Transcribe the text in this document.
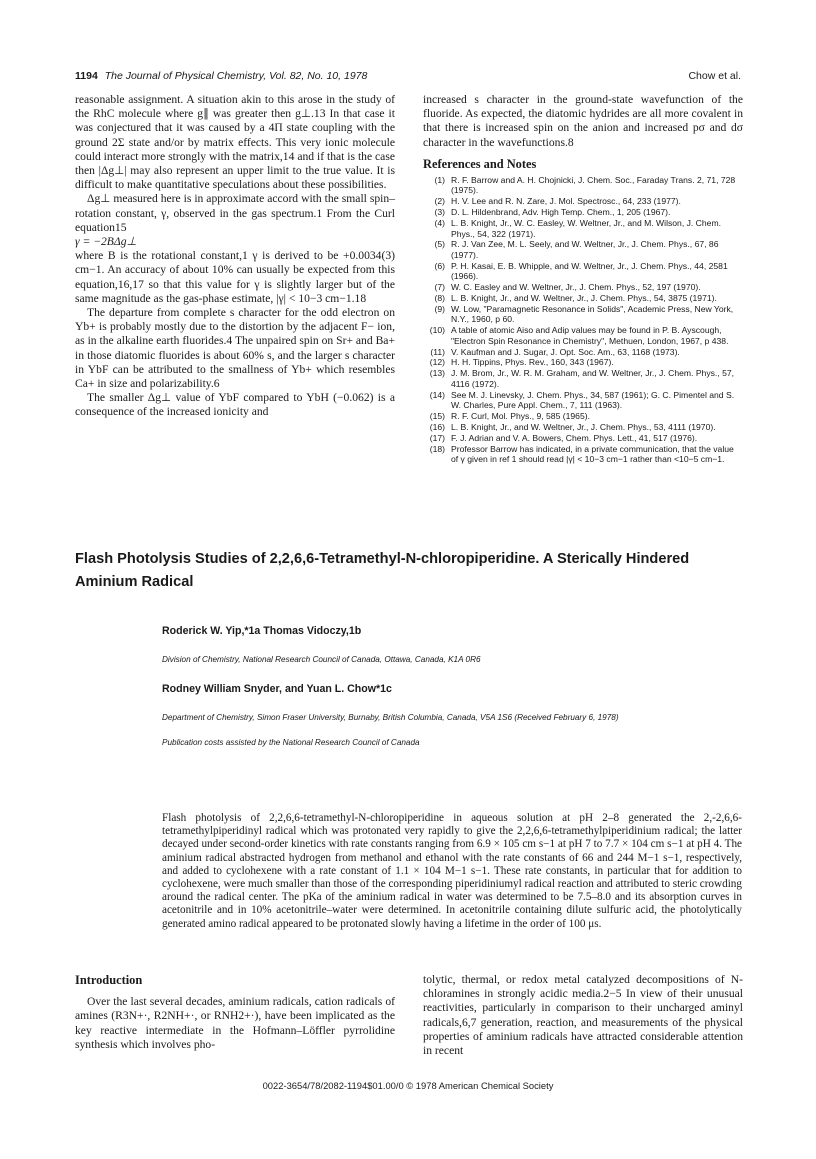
1194 The Journal of Physical Chemistry, Vol. 82, No. 10, 1978	Chow et al.

reasonable assignment. A situation akin to this arose in the study of the RhC molecule where g∥ was greater then g⊥.13 In that case it was conjectured that it was caused by a 4Π state coupling with the ground 2Σ state and/or by matrix effects. This very ionic molecule could interact more strongly with the matrix,14 and if that is the case then |Δg⊥| may also represent an upper limit to the true value. It is difficult to make quantitative speculations about these possibilities.

Δg⊥ measured here is in approximate accord with the small spin–rotation constant, γ, observed in the gas spectrum.1 From the Curl equation15

γ = −2BΔg⊥

where B is the rotational constant,1 γ is derived to be +0.0034(3) cm−1. An accuracy of about 10% can usually be expected from this equation,16,17 so that this value for γ is slightly larger but of the same magnitude as the gas-phase estimate, |γ| < 10−3 cm−1.18

The departure from complete s character for the odd electron on Yb+ is probably mostly due to the distortion by the adjacent F− ion, as in the alkaline earth fluorides.4 The unpaired spin on Sr+ and Ba+ in those diatomic fluorides is about 60% s, and the larger s character in YbF can be attributed to the smallness of Yb+ which resembles Ca+ in size and polarizability.6

The smaller Δg⊥ value of YbF compared to YbH (−0.062) is a consequence of the increased ionicity and

increased s character in the ground-state wavefunction of the fluoride. As expected, the diatomic hydrides are all more covalent in that there is increased spin on the anion and increased pσ and dσ character in the wavefunctions.8

References and Notes
(1) R. F. Barrow and A. H. Chojnicki, J. Chem. Soc., Faraday Trans. 2, 71, 728 (1975).
(2) H. V. Lee and R. N. Zare, J. Mol. Spectrosc., 64, 233 (1977).
(3) D. L. Hildenbrand, Adv. High Temp. Chem., 1, 205 (1967).
(4) L. B. Knight, Jr., W. C. Easley, W. Weltner, Jr., and M. Wilson, J. Chem. Phys., 54, 322 (1971).
(5) R. J. Van Zee, M. L. Seely, and W. Weltner, Jr., J. Chem. Phys., 67, 86 (1977).
(6) P. H. Kasai, E. B. Whipple, and W. Weltner, Jr., J. Chem. Phys., 44, 2581 (1966).
(7) W. C. Easley and W. Weltner, Jr., J. Chem. Phys., 52, 197 (1970).
(8) L. B. Knight, Jr., and W. Weltner, Jr., J. Chem. Phys., 54, 3875 (1971).
(9) W. Low, "Paramagnetic Resonance in Solids", Academic Press, New York, N.Y., 1960, p 60.
(10) A table of atomic Aiso and Adip values may be found in P. B. Ayscough, "Electron Spin Resonance in Chemistry", Methuen, London, 1967, p 438.
(11) V. Kaufman and J. Sugar, J. Opt. Soc. Am., 63, 1168 (1973).
(12) H. H. Tippins, Phys. Rev., 160, 343 (1967).
(13) J. M. Brom, Jr., W. R. M. Graham, and W. Weltner, Jr., J. Chem. Phys., 57, 4116 (1972).
(14) See M. J. Linevsky, J. Chem. Phys., 34, 587 (1961); G. C. Pimentel and S. W. Charles, Pure Appl. Chem., 7, 111 (1963).
(15) R. F. Curl, Mol. Phys., 9, 585 (1965).
(16) L. B. Knight, Jr., and W. Weltner, Jr., J. Chem. Phys., 53, 4111 (1970).
(17) F. J. Adrian and V. A. Bowers, Chem. Phys. Lett., 41, 517 (1976).
(18) Professor Barrow has indicated, in a private communication, that the value of γ given in ref 1 should read |γ| < 10−3 cm−1 rather than <10−5 cm−1.
Flash Photolysis Studies of 2,2,6,6-Tetramethyl-N-chloropiperidine. A Sterically Hindered Aminium Radical
Roderick W. Yip,*1a Thomas Vidoczy,1b
Division of Chemistry, National Research Council of Canada, Ottawa, Canada, K1A 0R6
Rodney William Snyder, and Yuan L. Chow*1c
Department of Chemistry, Simon Fraser University, Burnaby, British Columbia, Canada, V5A 1S6 (Received February 6, 1978)
Publication costs assisted by the National Research Council of Canada
Flash photolysis of 2,2,6,6-tetramethyl-N-chloropiperidine in aqueous solution at pH 2–8 generated the 2,-2,6,6-tetramethylpiperidinyl radical which was protonated very rapidly to give the 2,2,6,6-tetramethylpiperidinium radical; the latter decayed under second-order kinetics with rate constants ranging from 6.9 × 105 cm s−1 at pH 7 to 7.7 × 104 cm s−1 at pH 4. The aminium radical abstracted hydrogen from methanol and ethanol with the rate constants of 66 and 244 M−1 s−1, respectively, and added to cyclohexene with a rate constant of 1.1 × 104 M−1 s−1. These rate constants, in particular that for addition to cyclohexene, were much smaller than those of the corresponding piperidiniumyl radical reaction and attributed to steric crowding around the radical center. The pKa of the aminium radical in water was determined to be 7.5–8.0 and its absorption curves in acetonitrile and in 10% acetonitrile–water were determined. In acetonitrile containing dilute sulfuric acid, the photolytically generated amino radical appeared to be protonated slowly having a lifetime in the order of 100 μs.
Introduction

Over the last several decades, aminium radicals, cation radicals of amines (R3N+·, R2NH+·, or RNH2+·), have been implicated as the key reactive intermediate in the Hofmann–Löffler pyrrolidine synthesis which involves pho-

tolytic, thermal, or redox metal catalyzed decompositions of N-chloramines in strongly acidic media.2−5 In view of their unusual reactivities, particularly in comparison to their uncharged aminyl radicals,6,7 generation, reaction, and measurements of the physical properties of aminium radicals have attracted considerable attention in recent

0022-3654/78/2082-1194$01.00/0 © 1978 American Chemical Society
